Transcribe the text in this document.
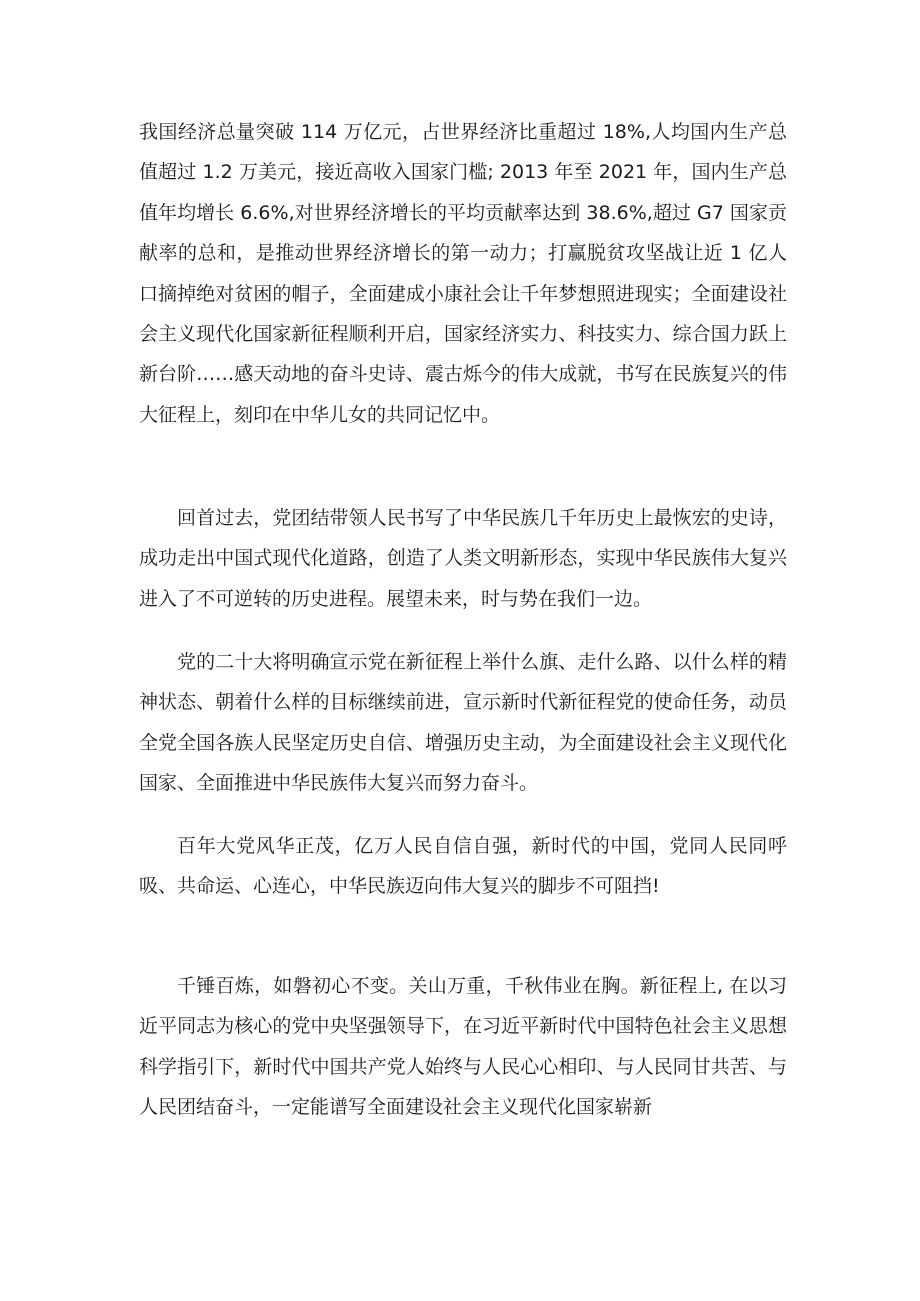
我国经济总量突破 114 万亿元，占世界经济比重超过 18%,人均国内生产总值超过 1.2 万美元，接近高收入国家门槛; 2013 年至 2021 年，国内生产总值年均增长 6.6%,对世界经济增长的平均贡献率达到 38.6%,超过 G7 国家贡献率的总和，是推动世界经济增长的第一动力；打赢脱贫攻坚战让近 1 亿人口摘掉绝对贫困的帽子，全面建成小康社会让千年梦想照进现实；全面建设社会主义现代化国家新征程顺利开启，国家经济实力、科技实力、综合国力跃上新台阶……感天动地的奋斗史诗、震古烁今的伟大成就，书写在民族复兴的伟大征程上，刻印在中华儿女的共同记忆中。

回首过去，党团结带领人民书写了中华民族几千年历史上最恢宏的史诗，成功走出中国式现代化道路，创造了人类文明新形态，实现中华民族伟大复兴进入了不可逆转的历史进程。展望未来，时与势在我们一边。

党的二十大将明确宣示党在新征程上举什么旗、走什么路、以什么样的精神状态、朝着什么样的目标继续前进，宣示新时代新征程党的使命任务，动员全党全国各族人民坚定历史自信、增强历史主动，为全面建设社会主义现代化国家、全面推进中华民族伟大复兴而努力奋斗。

百年大党风华正茂，亿万人民自信自强，新时代的中国，党同人民同呼吸、共命运、心连心，中华民族迈向伟大复兴的脚步不可阻挡!

千锤百炼，如磐初心不变。关山万重，千秋伟业在胸。新征程上, 在以习近平同志为核心的党中央坚强领导下，在习近平新时代中国特色社会主义思想科学指引下，新时代中国共产党人始终与人民心心相印、与人民同甘共苦、与人民团结奋斗，一定能谱写全面建设社会主义现代化国家崭新
